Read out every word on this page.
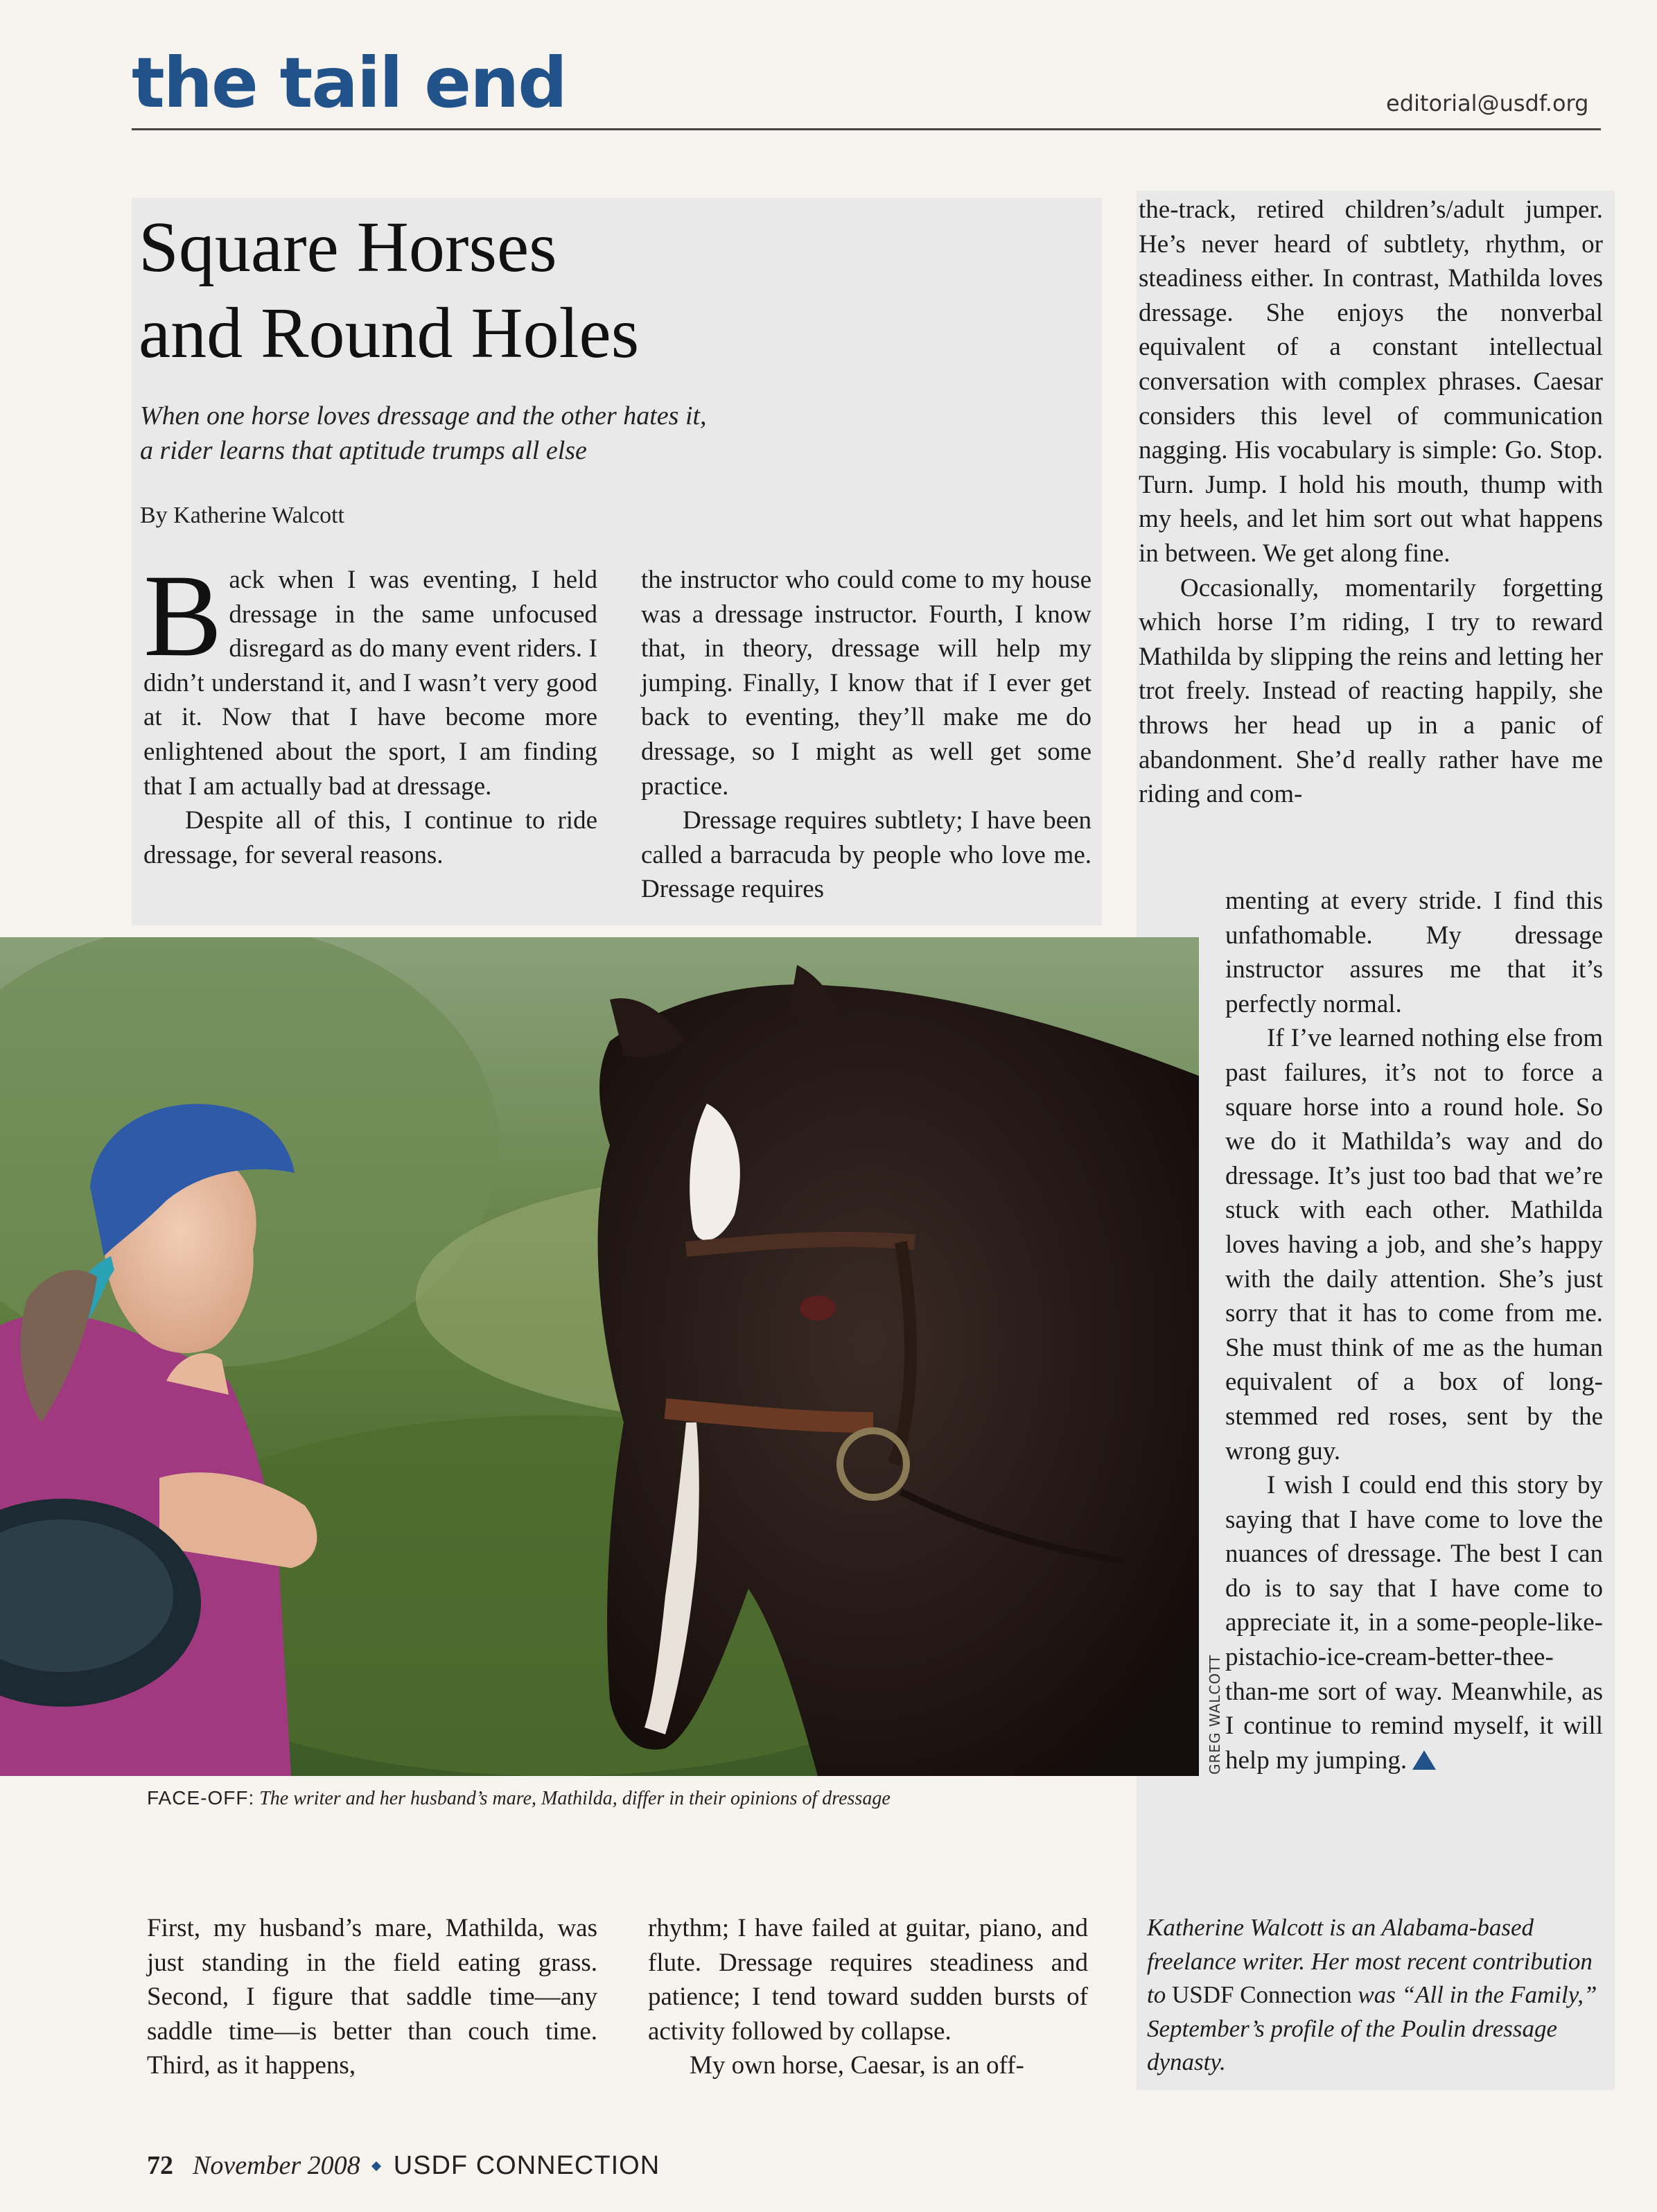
the tail end	editorial@usdf.org
Square Horses
and Round Holes
When one horse loves dressage and the other hates it,
a rider learns that aptitude trumps all else
By Katherine Walcott

Back when I was eventing, I held dressage in the same unfocused disregard as do many event riders. I didn’t understand it, and I wasn’t very good at it. Now that I have become more enlightened about the sport, I am finding that I am actually bad at dressage.

Despite all of this, I continue to ride dressage, for several reasons.

the instructor who could come to my house was a dressage instructor. Fourth, I know that, in theory, dressage will help my jumping. Finally, I know that if I ever get back to eventing, they’ll make me do dressage, so I might as well get some practice.

Dressage requires subtlety; I have been called a barracuda by people who love me. Dressage requires

the-track, retired children’s/adult jumper. He’s never heard of subtlety, rhythm, or steadiness either. In contrast, Mathilda loves dressage. She enjoys the nonverbal equivalent of a constant intellectual conversation with complex phrases. Caesar considers this level of communication nagging. His vocabulary is simple: Go. Stop. Turn. Jump. I hold his mouth, thump with my heels, and let him sort out what happens in between. We get along fine.

Occasionally, momentarily forgetting which horse I’m riding, I try to reward Mathilda by slipping the reins and letting her trot freely. Instead of reacting happily, she throws her head up in a panic of abandonment. She’d really rather have me riding and com-

menting at every stride. I find this unfathomable. My dressage instructor assures me that it’s perfectly normal.

If I’ve learned nothing else from past failures, it’s not to force a square horse into a round hole. So we do it Mathilda’s way and do dressage. It’s just too bad that we’re stuck with each other. Mathilda loves having a job, and she’s happy with the daily attention. She’s just sorry that it has to come from me. She must think of me as the human equivalent of a box of long-stemmed red roses, sent by the wrong guy.

I wish I could end this story by saying that I have come to love the nuances of dressage. The best I can do is to say that I have come to appreciate it, in a some-people-like-pistachio-ice-cream-better-thee-than-me sort of way. Meanwhile, as I continue to remind myself, it will help my jumping.

GREG WALCOTT
FACE-OFF: The writer and her husband’s mare, Mathilda, differ in their opinions of dressage

First, my husband’s mare, Mathilda, was just standing in the field eating grass. Second, I figure that saddle time—any saddle time—is better than couch time. Third, as it happens,

rhythm; I have failed at guitar, piano, and flute. Dressage requires steadiness and patience; I tend toward sudden bursts of activity followed by collapse.

My own horse, Caesar, is an off-

Katherine Walcott is an Alabama-based freelance writer. Her most recent contribution to USDF Connection was “All in the Family,” September’s profile of the Poulin dressage dynasty.
72 November 2008 USDF CONNECTION
